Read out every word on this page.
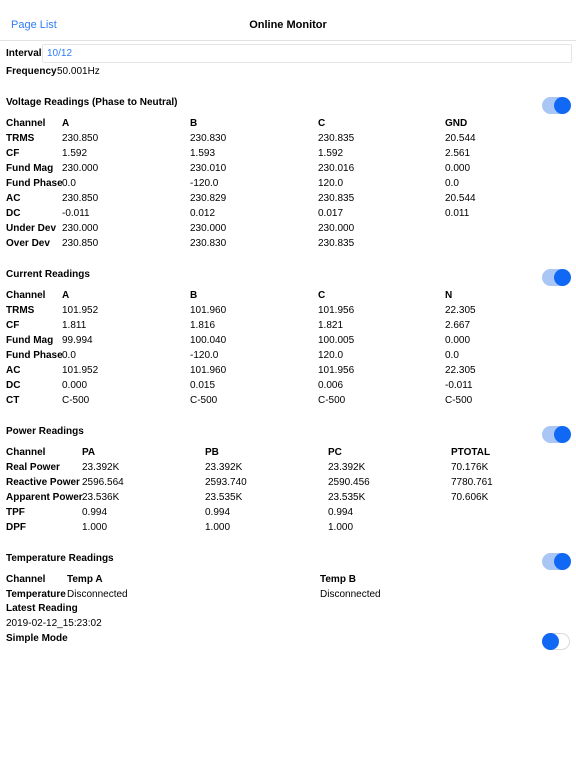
Page List	Online Monitor
Interval 10/12
Frequency 50.001Hz
Voltage Readings (Phase to Neutral)
Channel A	B	C	GND
TRMS	230.850	230.830	230.835	20.544
CF	1.592	1.593	1.592	2.561
Fund Mag 230.000	230.010	230.016	0.000
Fund Phase 0.0	-120.0	120.0	0.0
AC	230.850	230.829	230.835	20.544
DC	-0.011	0.012	0.017	0.011
Under Dev 230.000	230.000	230.000
Over Dev 230.850	230.830	230.835
Current Readings
Channel A	B	C	N
TRMS	101.952	101.960	101.956	22.305
CF	1.811	1.816	1.821	2.667
Fund Mag 99.994	100.040	100.005	0.000
Fund Phase 0.0	-120.0	120.0	0.0
AC	101.952	101.960	101.956	22.305
DC	0.000	0.015	0.006	-0.011
CT	C-500	C-500	C-500	C-500
Power Readings
Channel	PA	PB	PC	PTOTAL
Real Power 23.392K	23.392K	23.392K	70.176K
Reactive Power 2596.564	2593.740	2590.456	7780.761
Apparent Power 23.536K	23.535K	23.535K	70.606K
TPF	0.994	0.994	0.994
DPF	1.000	1.000	1.000
Temperature Readings
Channel Temp A	Temp B
Temperature Disconnected	Disconnected
Latest Reading
2019-02-12_15:23:02
Simple Mode
